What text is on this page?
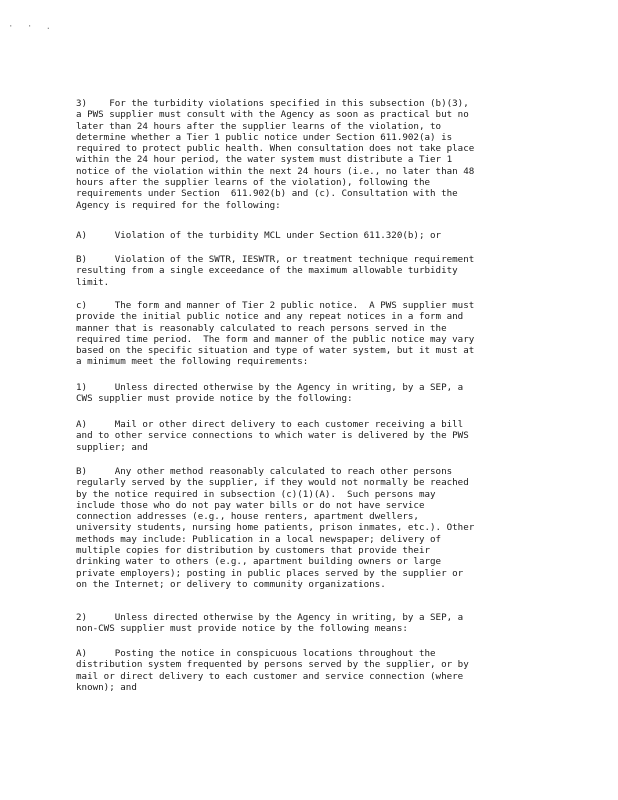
· · .

3)    For the turbidity violations specified in this subsection (b)(3),
a PWS supplier must consult with the Agency as soon as practical but no
later than 24 hours after the supplier learns of the violation, to
determine whether a Tier 1 public notice under Section 611.902(a) is
required to protect public health. When consultation does not take place
within the 24 hour period, the water system must distribute a Tier 1
notice of the violation within the next 24 hours (i.e., no later than 48
hours after the supplier learns of the violation), following the
requirements under Section  611.902(b) and (c). Consultation with the
Agency is required for the following:

A)     Violation of the turbidity MCL under Section 611.320(b); or

B)     Violation of the SWTR, IESWTR, or treatment technique requirement
resulting from a single exceedance of the maximum allowable turbidity
limit.

c)     The form and manner of Tier 2 public notice.  A PWS supplier must
provide the initial public notice and any repeat notices in a form and
manner that is reasonably calculated to reach persons served in the
required time period.  The form and manner of the public notice may vary
based on the specific situation and type of water system, but it must at
a minimum meet the following requirements:

1)     Unless directed otherwise by the Agency in writing, by a SEP, a
CWS supplier must provide notice by the following:

A)     Mail or other direct delivery to each customer receiving a bill
and to other service connections to which water is delivered by the PWS
supplier; and

B)     Any other method reasonably calculated to reach other persons
regularly served by the supplier, if they would not normally be reached
by the notice required in subsection (c)(1)(A).  Such persons may
include those who do not pay water bills or do not have service
connection addresses (e.g., house renters, apartment dwellers,
university students, nursing home patients, prison inmates, etc.). Other
methods may include: Publication in a local newspaper; delivery of
multiple copies for distribution by customers that provide their
drinking water to others (e.g., apartment building owners or large
private employers); posting in public places served by the supplier or
on the Internet; or delivery to community organizations.

2)     Unless directed otherwise by the Agency in writing, by a SEP, a
non-CWS supplier must provide notice by the following means:

A)     Posting the notice in conspicuous locations throughout the
distribution system frequented by persons served by the supplier, or by
mail or direct delivery to each customer and service connection (where
known); and
